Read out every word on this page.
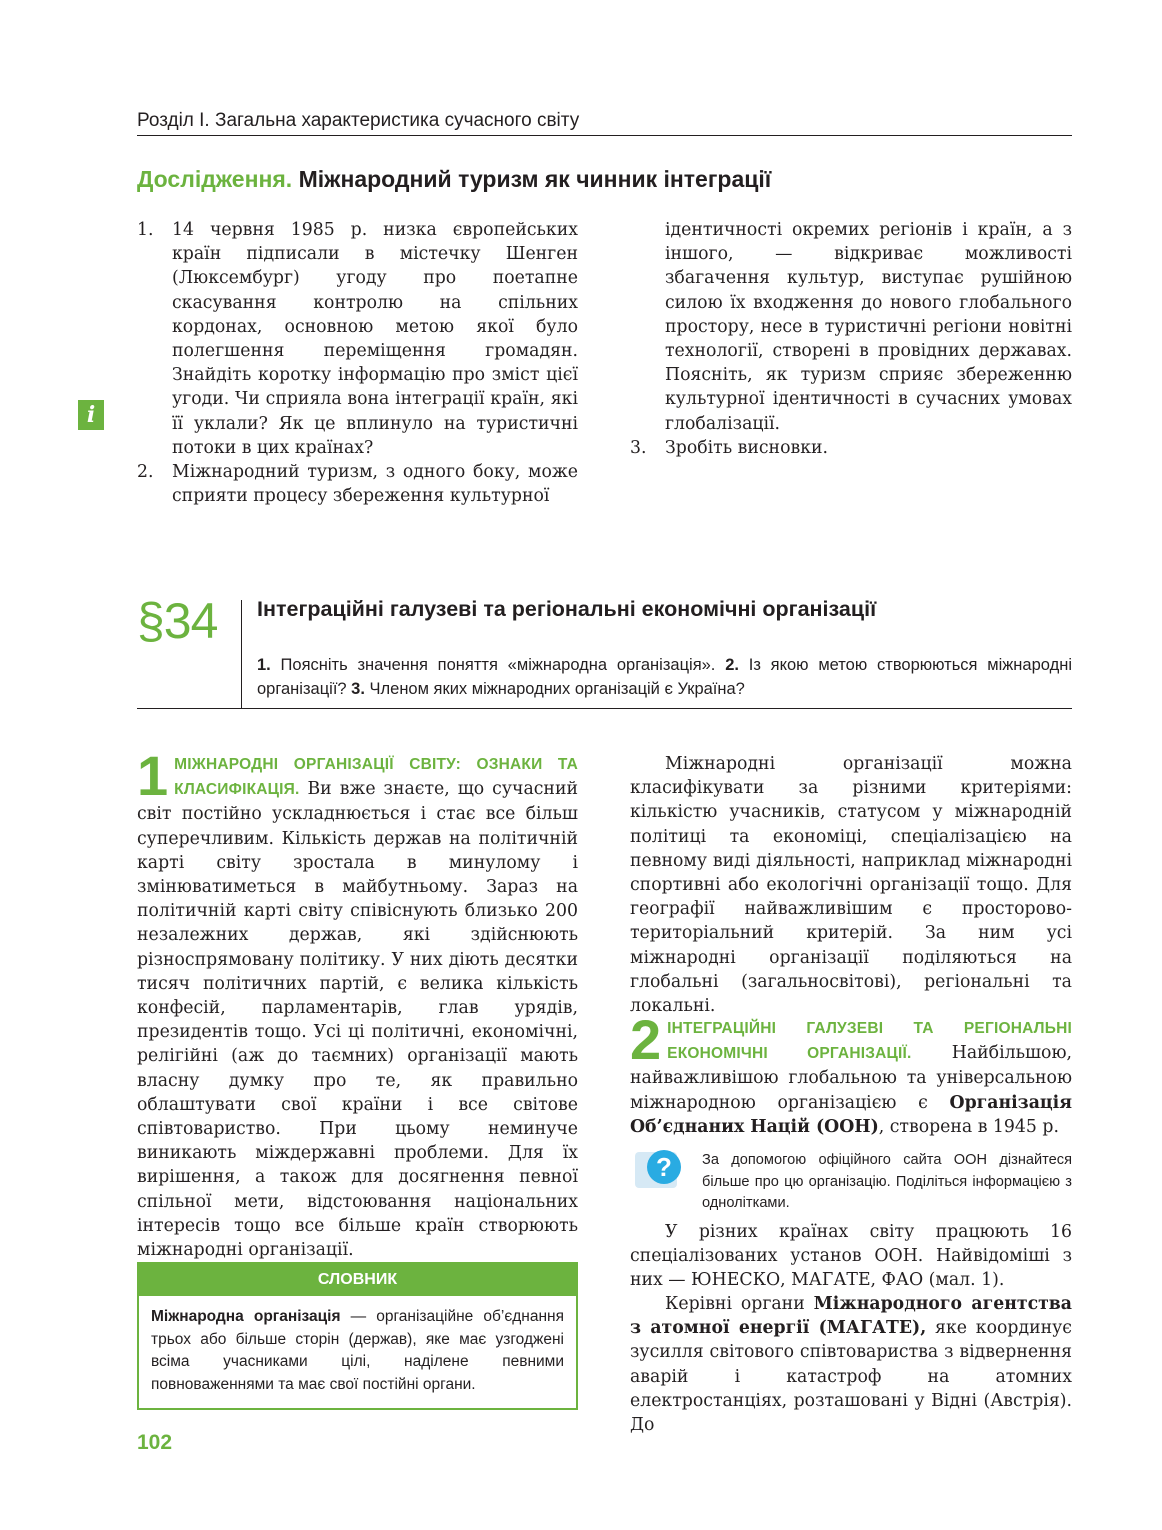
Розділ І. Загальна характеристика сучасного світу
Дослідження. Міжнародний туризм як чинник інтеграції
i
1. 14 червня 1985 р. низка європейських країн підписали в містечку Шенген (Люксембург) угоду про поетапне скасування контролю на спільних кордонах, основною метою якої було полегшення переміщення громадян. Знайдіть коротку інформацію про зміст цієї угоди. Чи сприяла вона інтеграції країн, які її уклали? Як це вплинуло на туристичні потоки в цих країнах?
2. Міжнародний туризм, з одного боку, може сприяти процесу збереження культурної
ідентичності окремих регіонів і країн, а з іншого, — відкриває можливості збагачення культур, виступає рушійною силою їх входження до нового глобального простору, несе в туристичні регіони новітні технології, створені в провідних державах. Поясніть, як туризм сприяє збереженню культурної ідентичності в сучасних умовах глобалізації.
3. Зробіть висновки.
§34 Інтеграційні галузеві та регіональні економічні організації
1. Поясніть значення поняття «міжнародна організація». 2. Із якою метою створюються міжнародні організації? 3. Членом яких міжнародних організацій є Україна?
1 МІЖНАРОДНІ ОРГАНІЗАЦІЇ СВІТУ: ОЗНАКИ ТА КЛАСИФІКАЦІЯ. Ви вже знаєте, що сучасний світ постійно ускладнюється і стає все більш суперечливим. Кількість держав на політичній карті світу зростала в минулому і змінюватиметься в майбутньому. Зараз на політичній карті світу співіснують близько 200 незалежних держав, які здійснюють різноспрямовану політику. У них діють десятки тисяч політичних партій, є велика кількість конфесій, парламентарів, глав урядів, президентів тощо. Усі ці політичні, економічні, релігійні (аж до таємних) організації мають власну думку про те, як правильно облаштувати свої країни і все світове співтовариство. При цьому неминуче виникають міждержавні проблеми. Для їх вирішення, а також для досягнення певної спільної мети, відстоювання національних інтересів тощо все більше країн створюють міжнародні організації.
СЛОВНИК
Міжнародна організація — організаційне об’єднання трьох або більше сторін (держав), яке має узгоджені всіма учасниками цілі, наділене певними повноваженнями та має свої постійні органи.
Міжнародні організації можна класифікувати за різними критеріями: кількістю учасників, статусом у міжнародній політиці та економіці, спеціалізацією на певному виді діяльності, наприклад міжнародні спортивні або екологічні організації тощо. Для географії найважливішим є просторово-територіальний критерій. За ним усі міжнародні організації поділяються на глобальні (загальносвітові), регіональні та локальні.
2 ІНТЕГРАЦІЙНІ ГАЛУЗЕВІ ТА РЕГІОНАЛЬНІ ЕКОНОМІЧНІ ОРГАНІЗАЦІЇ. Найбільшою, найважливішою глобальною та універсальною міжнародною організацією є Організація Об’єднаних Націй (ООН), створена в 1945 р.
? За допомогою офіційного сайта ООН дізнайтеся більше про цю організацію. Поділіться інформацією з однолітками.
У різних країнах світу працюють 16 спеціалізованих установ ООН. Найвідоміші з них — ЮНЕСКО, МАГАТЕ, ФАО (мал. 1).
Керівні органи Міжнародного агентства з атомної енергії (МАГАТЕ), яке координує зусилля світового співтовариства з відвернення аварій і катастроф на атомних електростанціях, розташовані у Відні (Австрія). До
102
